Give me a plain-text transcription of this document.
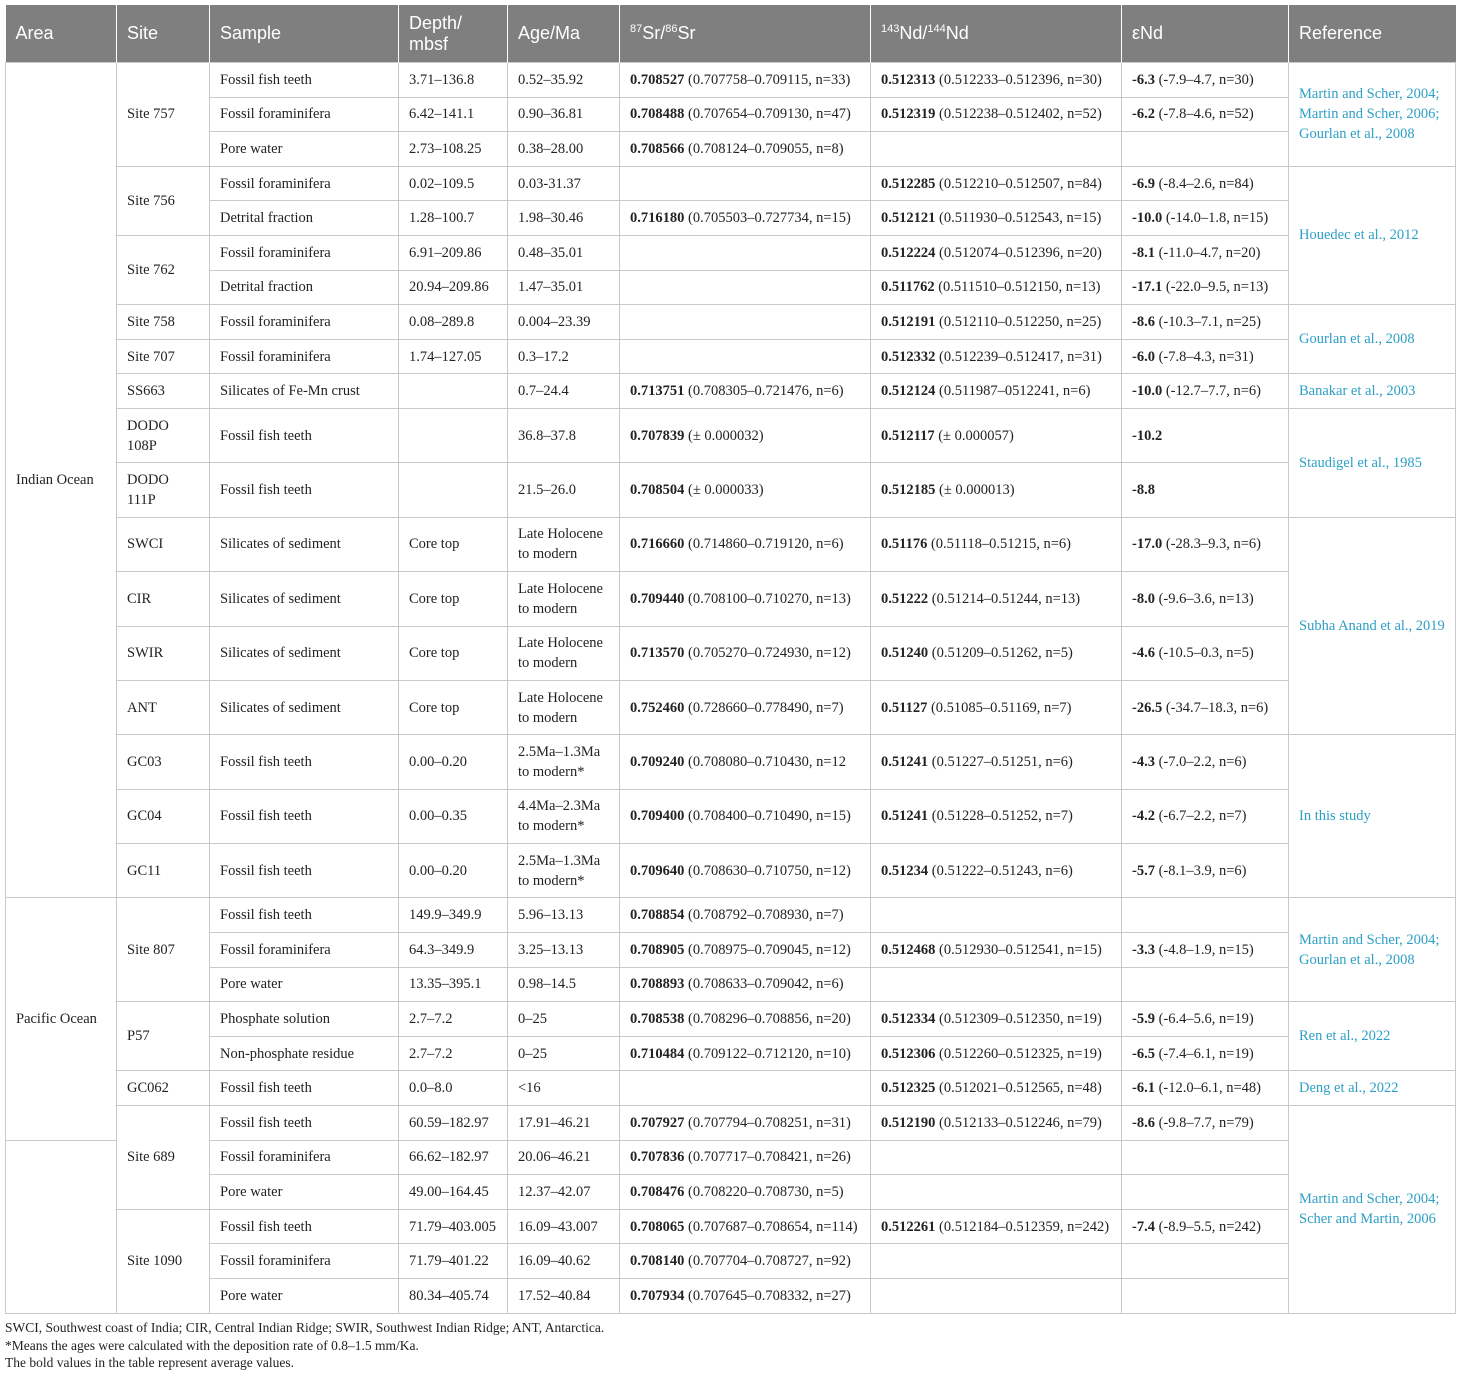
Area	Site	Sample	Depth/ mbsf	Age/Ma	$^{87}$Sr/$^{86}$Sr	$^{143}$Nd/$^{144}$Nd	εNd	Reference
Indian Ocean	Site 757	Fossil fish teeth	3.71–136.8	0.52–35.92	0.708527 (0.707758–0.709115, n=33)	0.512313 (0.512233–0.512396, n=30)	-6.3 (-7.9–4.7, n=30)	Martin and Scher, 2004; Martin and Scher, 2006; Gourlan et al., 2008
		Fossil foraminifera	6.42–141.1	0.90–36.81	0.708488 (0.707654–0.709130, n=47)	0.512319 (0.512238–0.512402, n=52)	-6.2 (-7.8–4.6, n=52)	
		Pore water	2.73–108.25	0.38–28.00	0.708566 (0.708124–0.709055, n=8)			
	Site 756	Fossil foraminifera	0.02–109.5	0.03-31.37		0.512285 (0.512210–0.512507, n=84)	-6.9 (-8.4–2.6, n=84)	Houedec et al., 2012
		Detrital fraction	1.28–100.7	1.98–30.46	0.716180 (0.705503–0.727734, n=15)	0.512121 (0.511930–0.512543, n=15)	-10.0 (-14.0–1.8, n=15)	
	Site 762	Fossil foraminifera	6.91–209.86	0.48–35.01		0.512224 (0.512074–0.512396, n=20)	-8.1 (-11.0–4.7, n=20)	
		Detrital fraction	20.94–209.86	1.47–35.01		0.511762 (0.511510–0.512150, n=13)	-17.1 (-22.0–9.5, n=13)	
	Site 758	Fossil foraminifera	0.08–289.8	0.004–23.39		0.512191 (0.512110–0.512250, n=25)	-8.6 (-10.3–7.1, n=25)	Gourlan et al., 2008
	Site 707	Fossil foraminifera	1.74–127.05	0.3–17.2		0.512332 (0.512239–0.512417, n=31)	-6.0 (-7.8–4.3, n=31)	
	SS663	Silicates of Fe-Mn crust		0.7–24.4	0.713751 (0.708305–0.721476, n=6)	0.512124 (0.511987–0512241, n=6)	-10.0 (-12.7–7.7, n=6)	Banakar et al., 2003
	DODO 108P	Fossil fish teeth		36.8–37.8	0.707839 (± 0.000032)	0.512117 (± 0.000057)	-10.2	Staudigel et al., 1985
	DODO 111P	Fossil fish teeth		21.5–26.0	0.708504 (± 0.000033)	0.512185 (± 0.000013)	-8.8	
	SWCI	Silicates of sediment	Core top	Late Holocene to modern	0.716660 (0.714860–0.719120, n=6)	0.51176 (0.51118–0.51215, n=6)	-17.0 (-28.3–9.3, n=6)	Subha Anand et al., 2019
	CIR	Silicates of sediment	Core top	Late Holocene to modern	0.709440 (0.708100–0.710270, n=13)	0.51222 (0.51214–0.51244, n=13)	-8.0 (-9.6–3.6, n=13)	
	SWIR	Silicates of sediment	Core top	Late Holocene to modern	0.713570 (0.705270–0.724930, n=12)	0.51240 (0.51209–0.51262, n=5)	-4.6 (-10.5–0.3, n=5)	
	ANT	Silicates of sediment	Core top	Late Holocene to modern	0.752460 (0.728660–0.778490, n=7)	0.51127 (0.51085–0.51169, n=7)	-26.5 (-34.7–18.3, n=6)	
	GC03	Fossil fish teeth	0.00–0.20	2.5Ma–1.3Ma to modern*	0.709240 (0.708080–0.710430, n=12	0.51241 (0.51227–0.51251, n=6)	-4.3 (-7.0–2.2, n=6)	In this study
	GC04	Fossil fish teeth	0.00–0.35	4.4Ma–2.3Ma to modern*	0.709400 (0.708400–0.710490, n=15)	0.51241 (0.51228–0.51252, n=7)	-4.2 (-6.7–2.2, n=7)	
	GC11	Fossil fish teeth	0.00–0.20	2.5Ma–1.3Ma to modern*	0.709640 (0.708630–0.710750, n=12)	0.51234 (0.51222–0.51243, n=6)	-5.7 (-8.1–3.9, n=6)	
Pacific Ocean	Site 807	Fossil fish teeth	149.9–349.9	5.96–13.13	0.708854 (0.708792–0.708930, n=7)			Martin and Scher, 2004; Gourlan et al., 2008
		Fossil foraminifera	64.3–349.9	3.25–13.13	0.708905 (0.708975–0.709045, n=12)	0.512468 (0.512930–0.512541, n=15)	-3.3 (-4.8–1.9, n=15)	
		Pore water	13.35–395.1	0.98–14.5	0.708893 (0.708633–0.709042, n=6)			
	P57	Phosphate solution	2.7–7.2	0–25	0.708538 (0.708296–0.708856, n=20)	0.512334 (0.512309–0.512350, n=19)	-5.9 (-6.4–5.6, n=19)	Ren et al., 2022
		Non-phosphate residue	2.7–7.2	0–25	0.710484 (0.709122–0.712120, n=10)	0.512306 (0.512260–0.512325, n=19)	-6.5 (-7.4–6.1, n=19)	
	GC062	Fossil fish teeth	0.0–8.0	<16		0.512325 (0.512021–0.512565, n=48)	-6.1 (-12.0–6.1, n=48)	Deng et al., 2022
	Site 689	Fossil fish teeth	60.59–182.97	17.91–46.21	0.707927 (0.707794–0.708251, n=31)	0.512190 (0.512133–0.512246, n=79)	-8.6 (-9.8–7.7, n=79)	Martin and Scher, 2004; Scher and Martin, 2006
		Fossil foraminifera	66.62–182.97	20.06–46.21	0.707836 (0.707717–0.708421, n=26)			
		Pore water	49.00–164.45	12.37–42.07	0.708476 (0.708220–0.708730, n=5)			
	Site 1090	Fossil fish teeth	71.79–403.005	16.09–43.007	0.708065 (0.707687–0.708654, n=114)	0.512261 (0.512184–0.512359, n=242)	-7.4 (-8.9–5.5, n=242)	
		Fossil foraminifera	71.79–401.22	16.09–40.62	0.708140 (0.707704–0.708727, n=92)			
		Pore water	80.34–405.74	17.52–40.84	0.707934 (0.707645–0.708332, n=27)			
SWCI, Southwest coast of India; CIR, Central Indian Ridge; SWIR, Southwest Indian Ridge; ANT, Antarctica.
*Means the ages were calculated with the deposition rate of 0.8–1.5 mm/Ka.
The bold values in the table represent average values.
